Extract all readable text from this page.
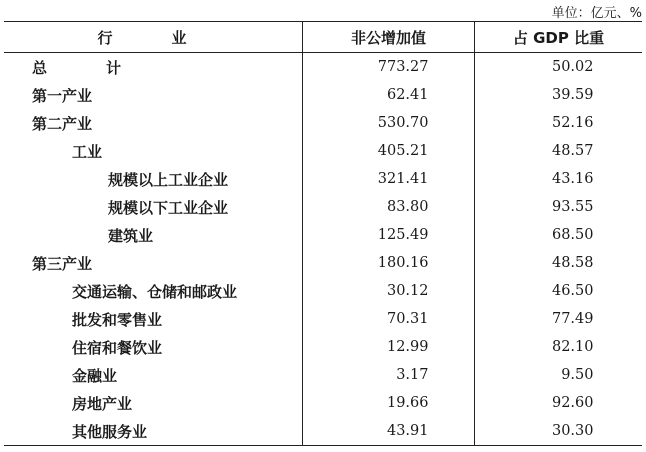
单位：亿元、%
行　业	非公增加值	占 GDP 比重
总　计	773.27	50.02
第一产业	62.41	39.59
第二产业	530.70	52.16
工业	405.21	48.57
规模以上工业企业	321.41	43.16
规模以下工业企业	83.80	93.55
建筑业	125.49	68.50
第三产业	180.16	48.58
交通运输、仓储和邮政业	30.12	46.50
批发和零售业	70.31	77.49
住宿和餐饮业	12.99	82.10
金融业	3.17	9.50
房地产业	19.66	92.60
其他服务业	43.91	30.30
